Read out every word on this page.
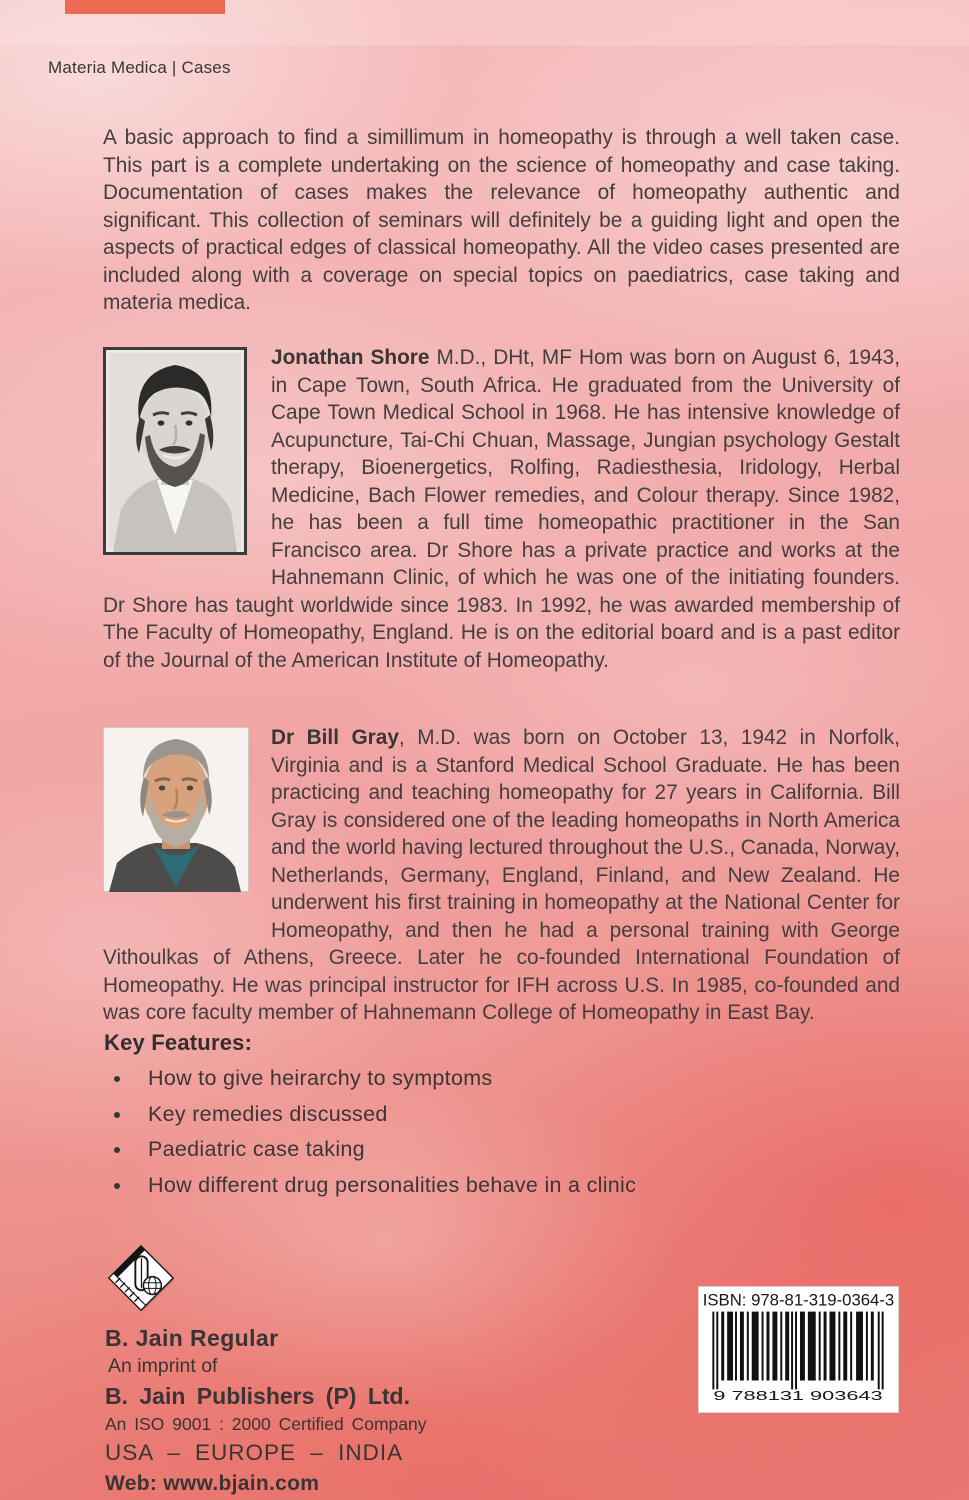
Materia Medica | Cases

A basic approach to find a simillimum in homeopathy is through a well taken case. This part is a complete undertaking on the science of homeopathy and case taking. Documentation of cases makes the relevance of homeopathy authentic and significant. This collection of seminars will definitely be a guiding light and open the aspects of practical edges of classical homeopathy. All the video cases presented are included along with a coverage on special topics on paediatrics, case taking and materia medica.

Jonathan Shore M.D., DHt, MF Hom was born on August 6, 1943, in Cape Town, South Africa. He graduated from the University of Cape Town Medical School in 1968. He has intensive knowledge of Acupuncture, Tai-Chi Chuan, Massage, Jungian psychology Gestalt therapy, Bioenergetics, Rolfing, Radiesthesia, Iridology, Herbal Medicine, Bach Flower remedies, and Colour therapy. Since 1982, he has been a full time homeopathic practitioner in the San Francisco area. Dr Shore has a private practice and works at the Hahnemann Clinic, of which he was one of the initiating founders. Dr Shore has taught worldwide since 1983. In 1992, he was awarded membership of The Faculty of Homeopathy, England. He is on the editorial board and is a past editor of the Journal of the American Institute of Homeopathy.

Dr Bill Gray, M.D. was born on October 13, 1942 in Norfolk, Virginia and is a Stanford Medical School Graduate. He has been practicing and teaching homeopathy for 27 years in California. Bill Gray is considered one of the leading homeopaths in North America and the world having lectured throughout the U.S., Canada, Norway, Netherlands, Germany, England, Finland, and New Zealand. He underwent his first training in homeopathy at the National Center for Homeopathy, and then he had a personal training with George Vithoulkas of Athens, Greece. Later he co-founded International Foundation of Homeopathy. He was principal instructor for IFH across U.S. In 1985, co-founded and was core faculty member of Hahnemann College of Homeopathy in East Bay.

Key Features:
How to give heirarchy to symptoms
Key remedies discussed
Paediatric case taking
How different drug personalities behave in a clinic
B. Jain Regular
An imprint of
B. Jain Publishers (P) Ltd.
An ISO 9001 : 2000 Certified Company
USA – EUROPE – INDIA
Web: www.bjain.com
ISBN: 978-81-319-0364-3
9 788131 903643
